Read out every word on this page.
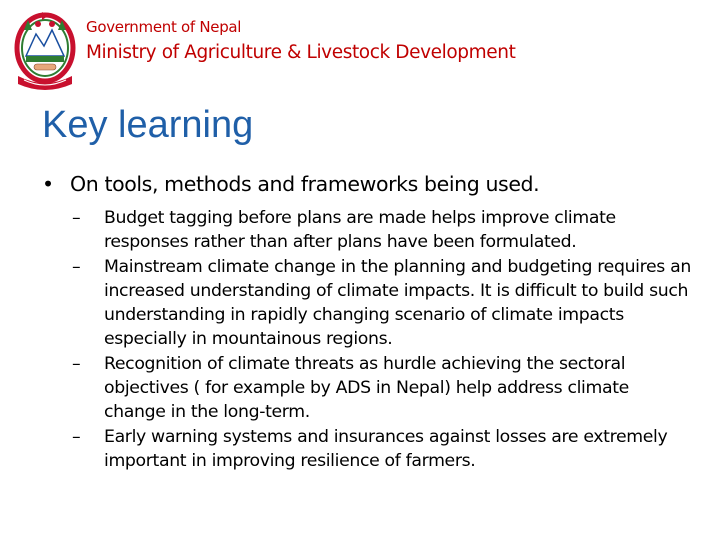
Government of Nepal
Ministry of Agriculture & Livestock Development
Key learning
• On tools, methods and frameworks being used.
– Budget tagging before plans are made helps improve climate responses rather than after plans have been formulated.
– Mainstream climate change in the planning and budgeting requires an increased understanding of climate impacts. It is difficult to build such understanding in rapidly changing scenario of climate impacts especially in mountainous regions.
– Recognition of climate threats as hurdle achieving the sectoral objectives ( for example by ADS in Nepal) help address climate change in the long-term.
– Early warning systems and insurances against losses are extremely important in improving resilience of farmers.
